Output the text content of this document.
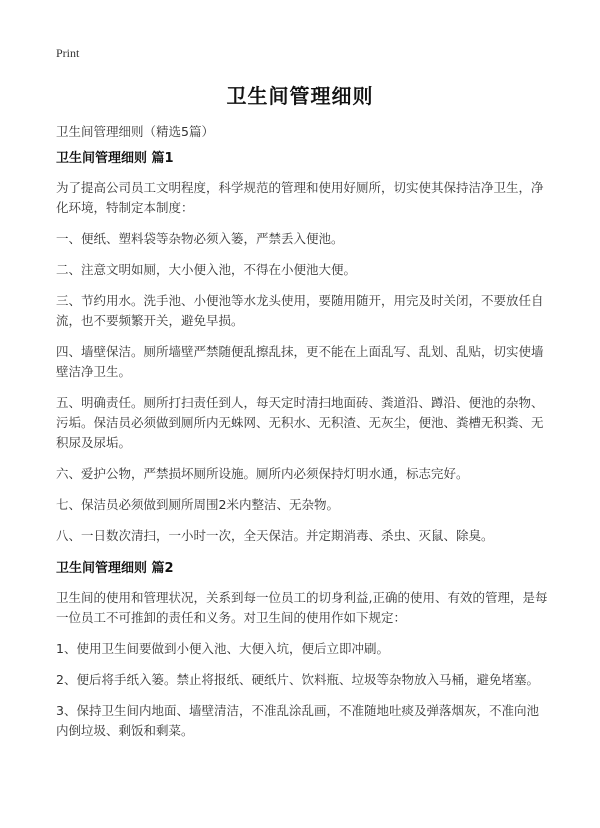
Print
卫生间管理细则
卫生间管理细则（精选5篇）
卫生间管理细则 篇1

为了提高公司员工文明程度，科学规范的管理和使用好厕所，切实使其保持洁净卫生，净化环境，特制定本制度：

一、便纸、塑料袋等杂物必须入篓，严禁丢入便池。

二、注意文明如厕，大小便入池，不得在小便池大便。

三、节约用水。洗手池、小便池等水龙头使用，要随用随开，用完及时关闭，不要放任自流，也不要频繁开关，避免早损。

四、墙壁保洁。厕所墙壁严禁随便乱擦乱抹，更不能在上面乱写、乱划、乱贴，切实使墙壁洁净卫生。

五、明确责任。厕所打扫责任到人，每天定时清扫地面砖、粪道沿、蹲沿、便池的杂物、污垢。保洁员必须做到厕所内无蛛网、无积水、无积渣、无灰尘，便池、粪槽无积粪、无积尿及尿垢。

六、爱护公物，严禁损坏厕所设施。厕所内必须保持灯明水通，标志完好。

七、保洁员必须做到厕所周围2米内整洁、无杂物。

八、一日数次清扫，一小时一次，全天保洁。并定期消毒、杀虫、灭鼠、除臭。

卫生间管理细则 篇2

卫生间的使用和管理状况，关系到每一位员工的切身利益,正确的使用、有效的管理，是每一位员工不可推卸的责任和义务。对卫生间的使用作如下规定：

1、使用卫生间要做到小便入池、大便入坑，便后立即冲刷。

2、便后将手纸入篓。禁止将报纸、硬纸片、饮料瓶、垃圾等杂物放入马桶，避免堵塞。

3、保持卫生间内地面、墙壁清洁，不准乱涂乱画，不准随地吐痰及弹落烟灰，不准向池内倒垃圾、剩饭和剩菜。
